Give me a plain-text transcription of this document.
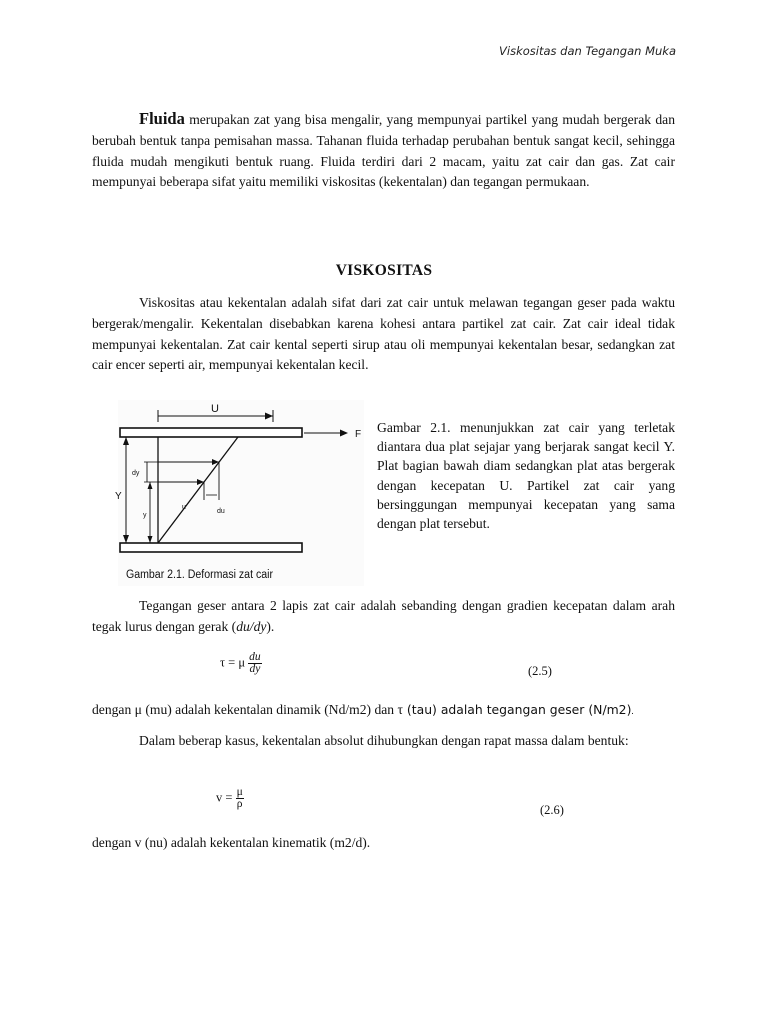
Viskositas dan Tegangan Muka

Fluida merupakan zat yang bisa mengalir, yang mempunyai partikel yang mudah bergerak dan berubah bentuk tanpa pemisahan massa. Tahanan fluida terhadap perubahan bentuk sangat kecil, sehingga fluida mudah mengikuti bentuk ruang. Fluida terdiri dari 2 macam, yaitu zat cair dan gas. Zat cair mempunyai beberapa sifat yaitu memiliki viskositas (kekentalan) dan tegangan permukaan.

VISKOSITAS

Viskositas atau kekentalan adalah sifat dari zat cair untuk melawan tegangan geser pada waktu bergerak/mengalir. Kekentalan disebabkan karena kohesi antara partikel zat cair. Zat cair ideal tidak mempunyai kekentalan. Zat cair kental seperti sirup atau oli mempunyai kekentalan besar, sedangkan zat cair encer seperti air, mempunyai kekentalan kecil.

U
F
Y
dy
y
u
du
Gambar 2.1. Deformasi zat cair

Gambar 2.1. menunjukkan zat cair yang terletak diantara dua plat sejajar yang berjarak sangat kecil Y. Plat bagian bawah diam sedangkan plat atas bergerak dengan kecepatan U. Partikel zat cair yang bersinggungan mempunyai kecepatan yang sama dengan plat tersebut.

Tegangan geser antara 2 lapis zat cair adalah sebanding dengan gradien kecepatan dalam arah tegak lurus dengan gerak (du/dy).

τ = μ $\frac{du}{dy}$	(2.5)

dengan μ (mu) adalah kekentalan dinamik (Nd/m2) dan τ (tau) adalah tegangan geser (N/m2).

Dalam beberap kasus, kekentalan absolut dihubungkan dengan rapat massa dalam bentuk:

$v = \frac{\mu}{\rho}$	(2.6)

dengan v (nu) adalah kekentalan kinematik (m2/d).
